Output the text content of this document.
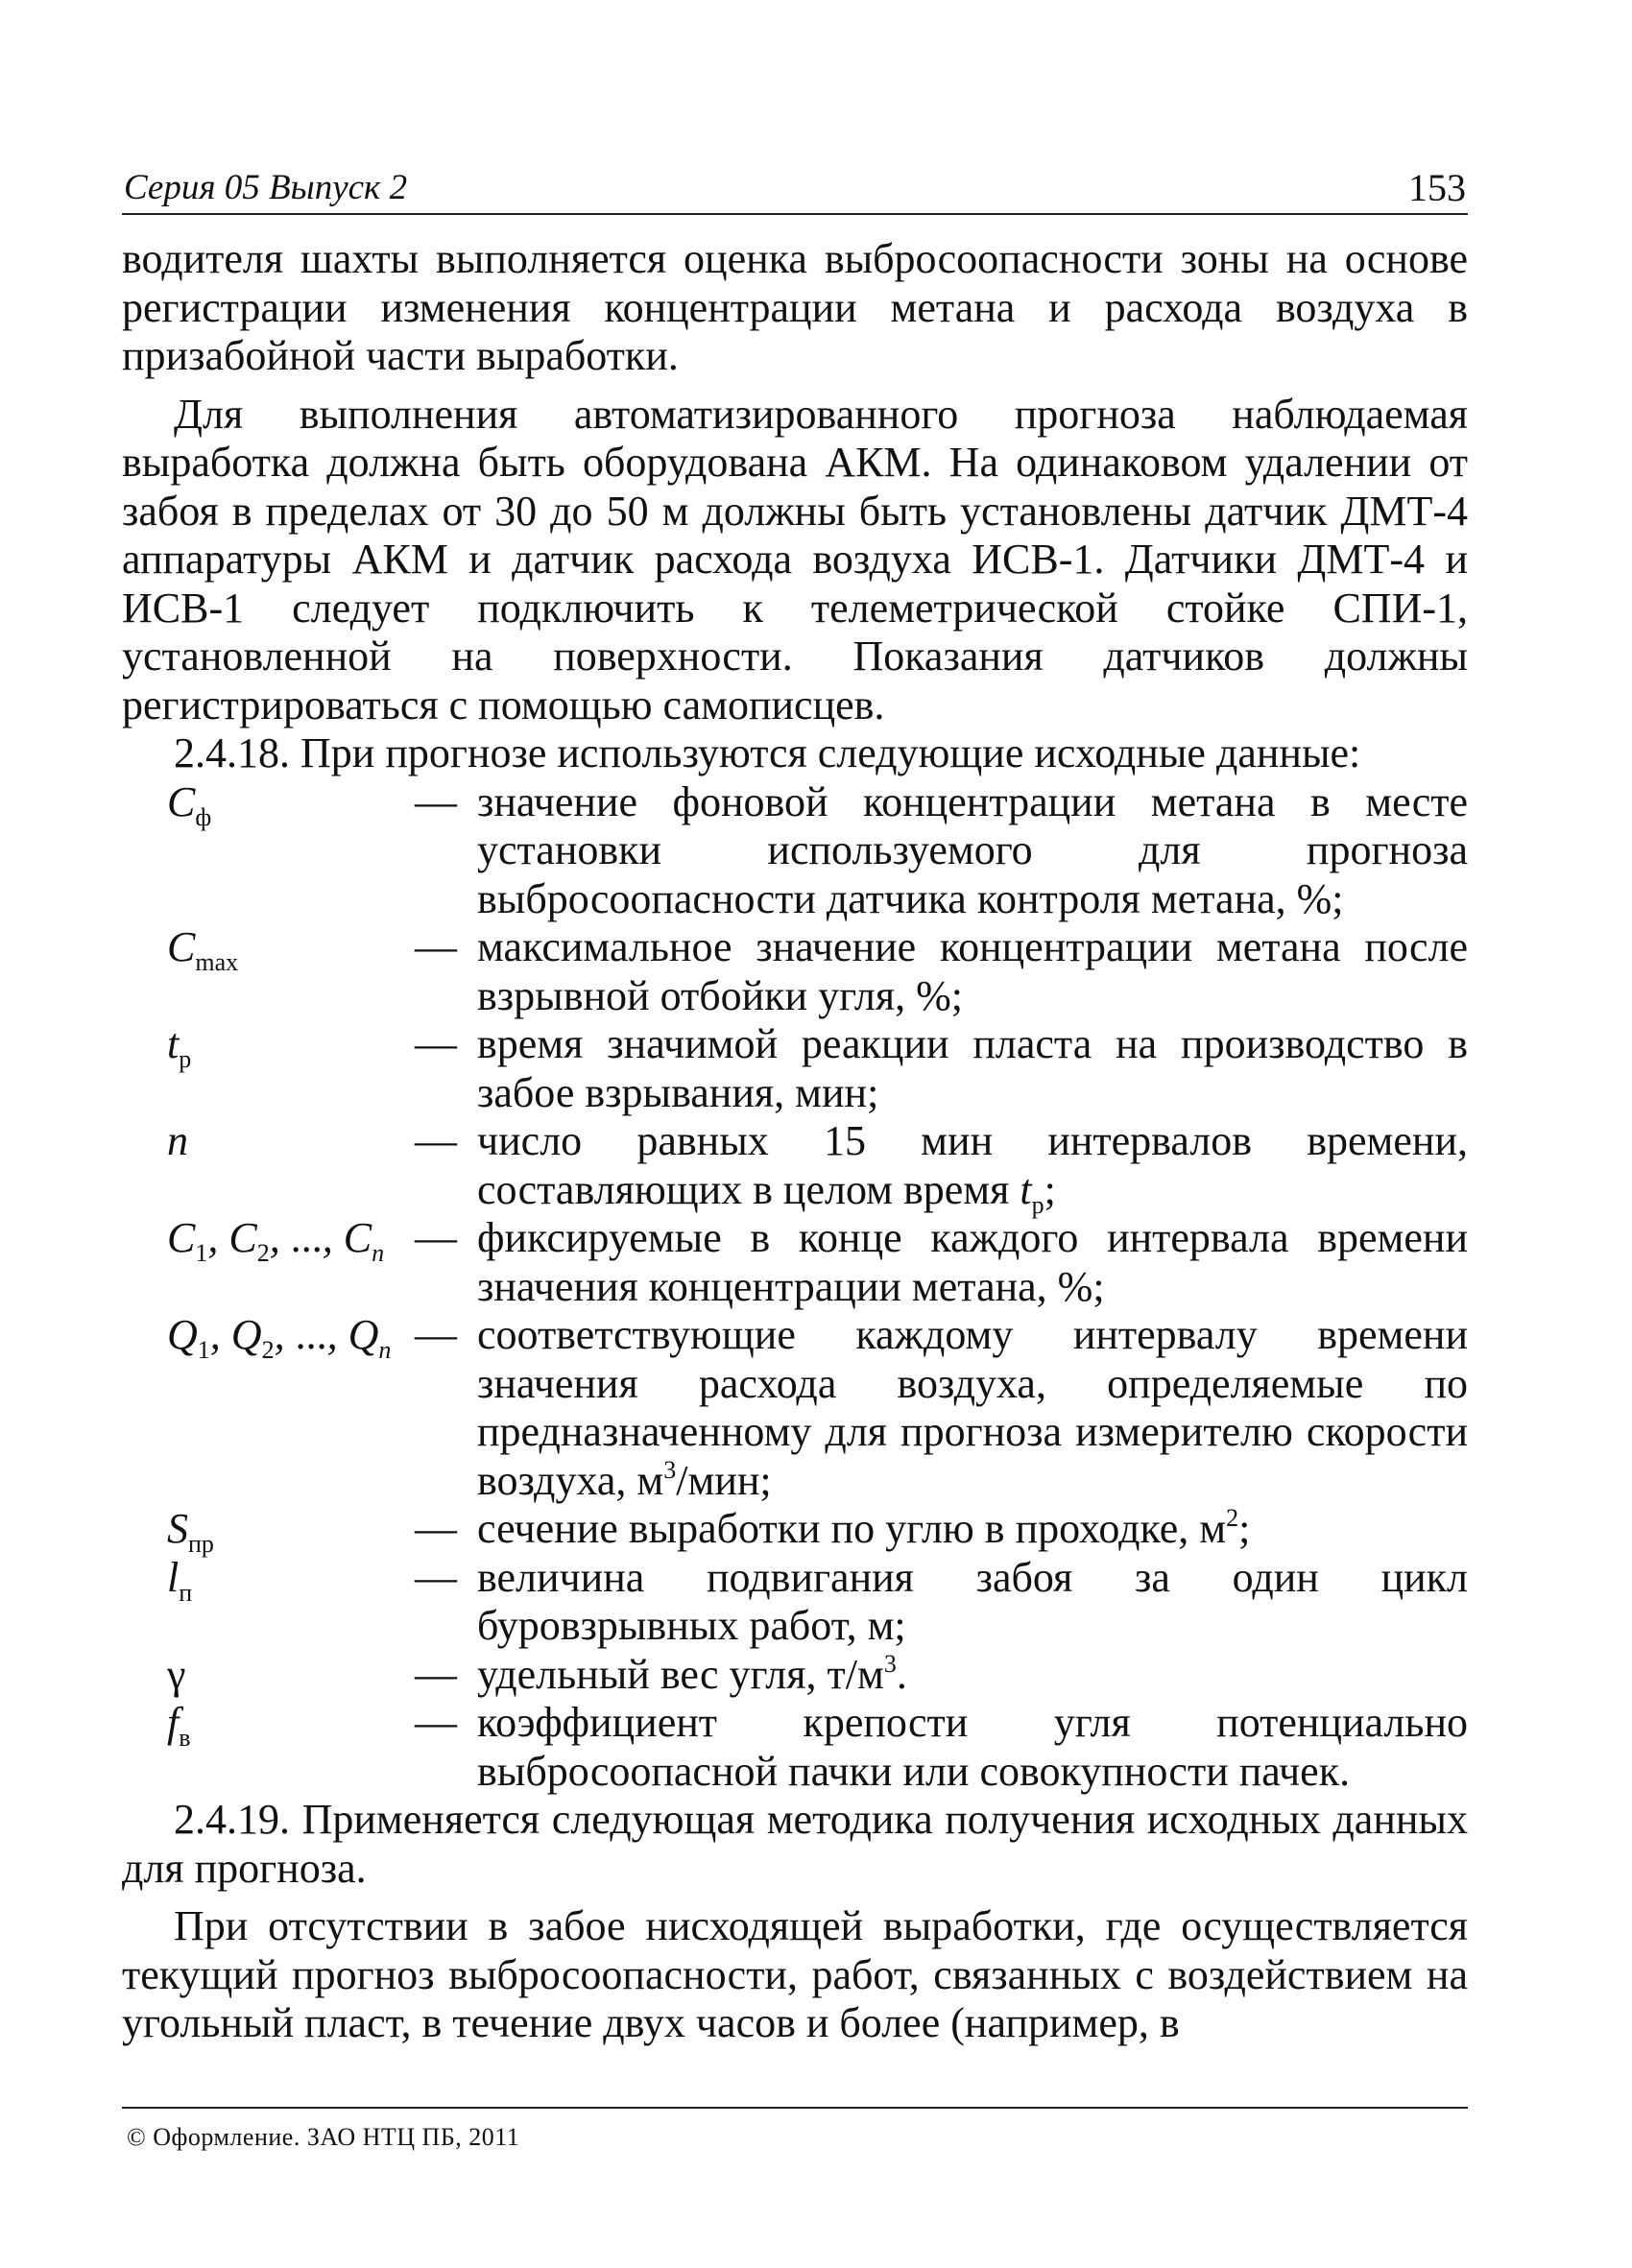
Серия 05 Выпуск 2	153

водителя шахты выполняется оценка выбросоопасности зоны на основе регистрации изменения концентрации метана и расхода воздуха в призабойной части выработки.

Для выполнения автоматизированного прогноза наблюдаемая выработка должна быть оборудована АКМ. На одинаковом удалении от забоя в пределах от 30 до 50 м должны быть установлены датчик ДМТ-4 аппаратуры АКМ и датчик расхода воздуха ИСВ-1. Датчики ДМТ-4 и ИСВ-1 следует подключить к телеметрической стойке СПИ-1, установленной на поверхности. Показания датчиков должны регистрироваться с помощью самописцев.

2.4.18. При прогнозе используются следующие исходные данные:

$C_ф$	— значение фоновой концентрации метана в месте установки используемого для прогноза выбросоопасности датчика контроля метана, %;
$C_{max}$	— максимальное значение концентрации метана после взрывной отбойки угля, %;
$t_р$	— время значимой реакции пласта на производство в забое взрывания, мин;
n	— число равных 15 мин интервалов времени, составляющих в целом время $t_р$;
$C_1$, $C_2$, ..., $C_n$ — фиксируемые в конце каждого интервала времени значения концентрации метана, %;
$Q_1$, $Q_2$, ..., $Q_n$ — соответствующие каждому интервалу времени значения расхода воздуха, определяемые по предназначенному для прогноза измерителю скорости воздуха, $м^3$/мин;
$S_{пр}$	— сечение выработки по углю в проходке, $м^2$;
$l_п$	— величина подвигания забоя за один цикл буровзрывных работ, м;
γ	— удельный вес угля, $т/м^3$.
$f_в$	— коэффициент крепости угля потенциально выбросоопасной пачки или совокупности пачек.

2.4.19. Применяется следующая методика получения исходных данных для прогноза.

При отсутствии в забое нисходящей выработки, где осуществляется текущий прогноз выбросоопасности, работ, связанных с воздействием на угольный пласт, в течение двух часов и более (например, в

© Оформление. ЗАО НТЦ ПБ, 2011
